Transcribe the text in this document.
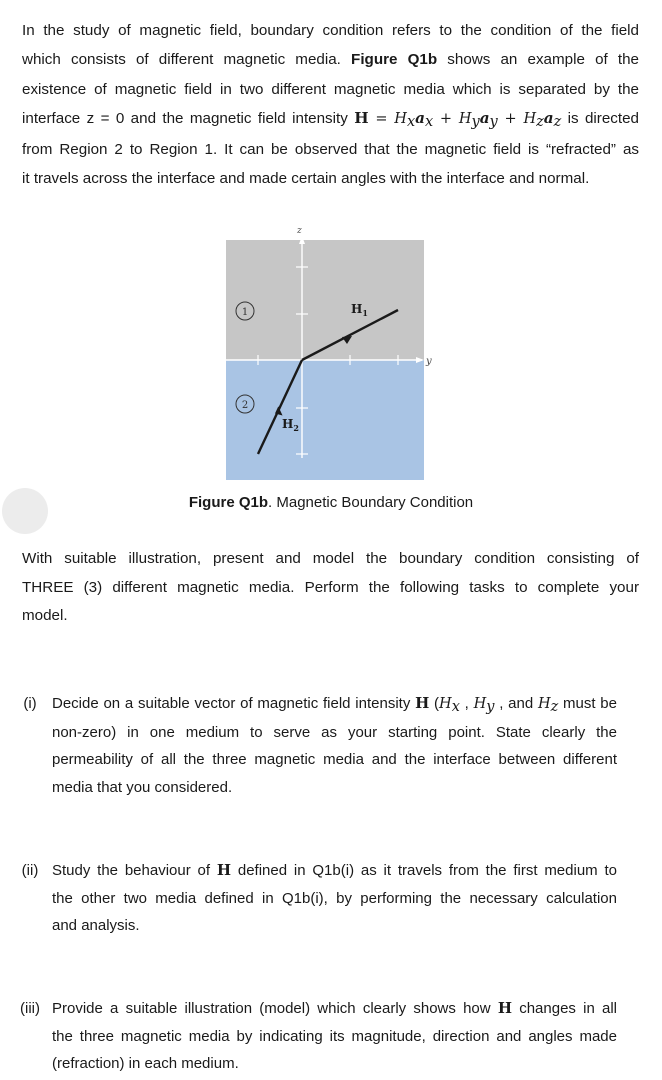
In the study of magnetic field, boundary condition refers to the condition of the field
which consists of different magnetic media. Figure Q1b shows an example of the
existence of magnetic field in two different magnetic media which is separated by the
interface z = 0 and the magnetic field intensity $H = H_xa_x + H_ya_y + H_za_z$ is directed
from Region 2 to Region 1. It can be observed that the magnetic field is “refracted” as
it travels across the interface and made certain angles with the interface and normal.
z
y
1
2
$H_1$
$H_2$
Figure Q1b. Magnetic Boundary Condition
With suitable illustration, present and model the boundary condition consisting of
THREE (3) different magnetic media. Perform the following tasks to complete your
model.
(i)	Decide on a suitable vector of magnetic field intensity H ($H_x$ , $H_y$ , and $H_z$ must be
non-zero) in one medium to serve as your starting point. State clearly the
permeability of all the three magnetic media and the interface between different
media that you considered.
(ii) Study the behaviour of H defined in Q1b(i) as it travels from the first medium to
the other two media defined in Q1b(i), by performing the necessary calculation
and analysis.
(iii) Provide a suitable illustration (model) which clearly shows how H changes in all
the three magnetic media by indicating its magnitude, direction and angles made
(refraction) in each medium.
